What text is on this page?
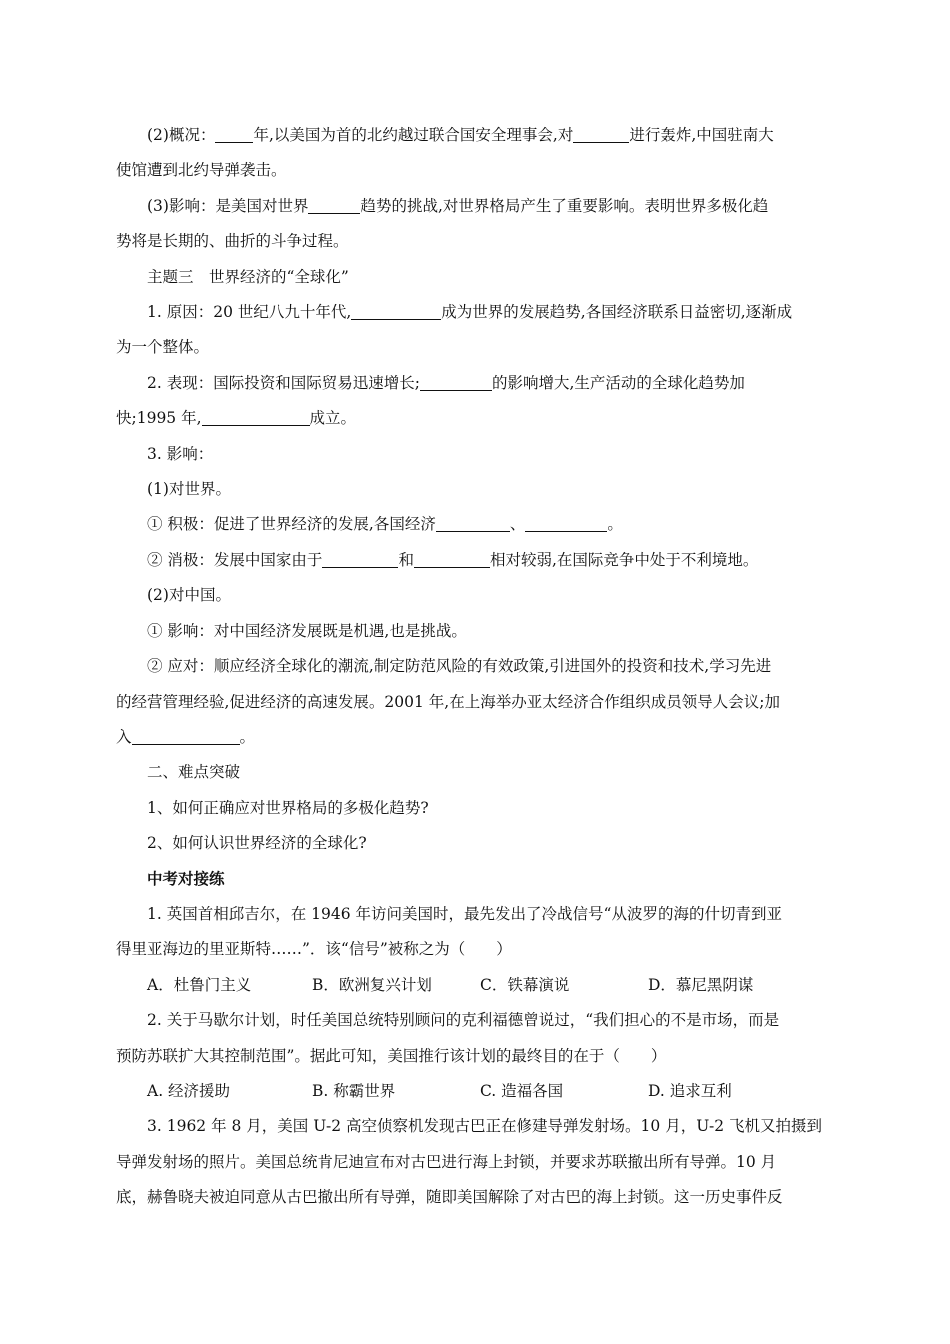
(2)概况： 年,以美国为首的北约越过联合国安全理事会,对	进行轰炸,中国驻南大

使馆遭到北约导弹袭击。

(3)影响：是美国对世界	趋势的挑战,对世界格局产生了重要影响。表明世界多极化趋

势将是长期的、曲折的斗争过程。

主题三　世界经济的“全球化”

1. 原因：20 世纪八九十年代,	成为世界的发展趋势,各国经济联系日益密切,逐渐成

为一个整体。

2. 表现：国际投资和国际贸易迅速增长;	的影响增大,生产活动的全球化趋势加

快;1995 年,	成立。

3. 影响：

(1)对世界。

① 积极：促进了世界经济的发展,各国经济	、	。

② 消极：发展中国家由于	和	相对较弱,在国际竞争中处于不利境地。

(2)对中国。

① 影响：对中国经济发展既是机遇,也是挑战。

② 应对：顺应经济全球化的潮流,制定防范风险的有效政策,引进国外的投资和技术,学习先进

的经营管理经验,促进经济的高速发展。2001 年,在上海举办亚太经济合作组织成员领导人会议;加

入	。

二、难点突破

1、如何正确应对世界格局的多极化趋势?

2、如何认识世界经济的全球化?

中考对接练

1. 英国首相邱吉尔，在 1946 年访问美国时，最先发出了冷战信号“从波罗的海的什切青到亚

得里亚海边的里亚斯特……”．该“信号”被称之为（　　）

A．杜鲁门主义	B．欧洲复兴计划	C．铁幕演说	D．慕尼黑阴谋

2. 关于马歇尔计划，时任美国总统特别顾问的克利福德曾说过，“我们担心的不是市场，而是

预防苏联扩大其控制范围”。据此可知，美国推行该计划的最终目的在于（　　）

A. 经济援助	B. 称霸世界	C. 造福各国	D. 追求互利

3. 1962 年 8 月，美国 U-2 高空侦察机发现古巴正在修建导弹发射场。10 月，U-2 飞机又拍摄到

导弹发射场的照片。美国总统肯尼迪宣布对古巴进行海上封锁，并要求苏联撤出所有导弹。10 月

底，赫鲁晓夫被迫同意从古巴撤出所有导弹，随即美国解除了对古巴的海上封锁。这一历史事件反
